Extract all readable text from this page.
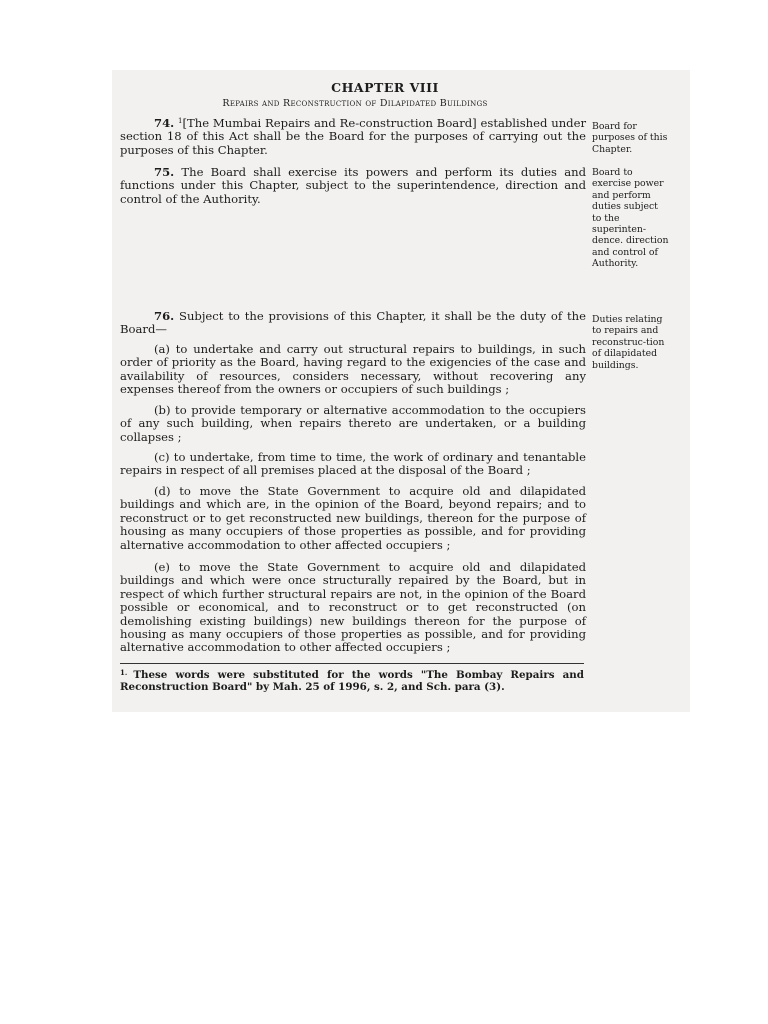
CHAPTER VIII

Repairs and Reconstruction of Dilapidated Buildings

74. $^1$[The Mumbai Repairs and Re-construction Board] established under section 18 of this Act shall be the Board for the purposes of carrying out the purposes of this Chapter.

Board for purposes of this Chapter.

75. The Board shall exercise its powers and perform its duties and functions under this Chapter, subject to the superintendence, direction and control of the Authority.

Board to exercise power and perform duties subject to the superinten-dence. direction and control of Authority.

76. Subject to the provisions of this Chapter, it shall be the duty of the Board—

Duties relating to repairs and reconstruc-tion of dilapidated buildings.

(a) to undertake and carry out structural repairs to buildings, in such order of priority as the Board, having regard to the exigencies of the case and availability of resources, considers necessary, without recovering any expenses thereof from the owners or occupiers of such buildings ;

(b) to provide temporary or alternative accommodation to the occupiers of any such building, when repairs thereto are undertaken, or a building collapses ;

(c) to undertake, from time to time, the work of ordinary and tenantable repairs in respect of all premises placed at the disposal of the Board ;

(d) to move the State Government to acquire old and dilapidated buildings and which are, in the opinion of the Board, beyond repairs; and to reconstruct or to get reconstructed new buildings, thereon for the purpose of housing as many occupiers of those properties as possible, and for providing alternative accommodation to other affected occupiers ;

(e) to move the State Government to acquire old and dilapidated buildings and which were once structurally repaired by the Board, but in respect of which further structural repairs are not, in the opinion of the Board possible or economical, and to reconstruct or to get reconstructed (on demolishing existing buildings) new buildings thereon for the purpose of housing as many occupiers of those properties as possible, and for providing alternative accommodation to other affected occupiers ;

$^{1.}$ These words were substituted for the words "The Bombay Repairs and Reconstruction Board" by Mah. 25 of 1996, s. 2, and Sch. para (3).
